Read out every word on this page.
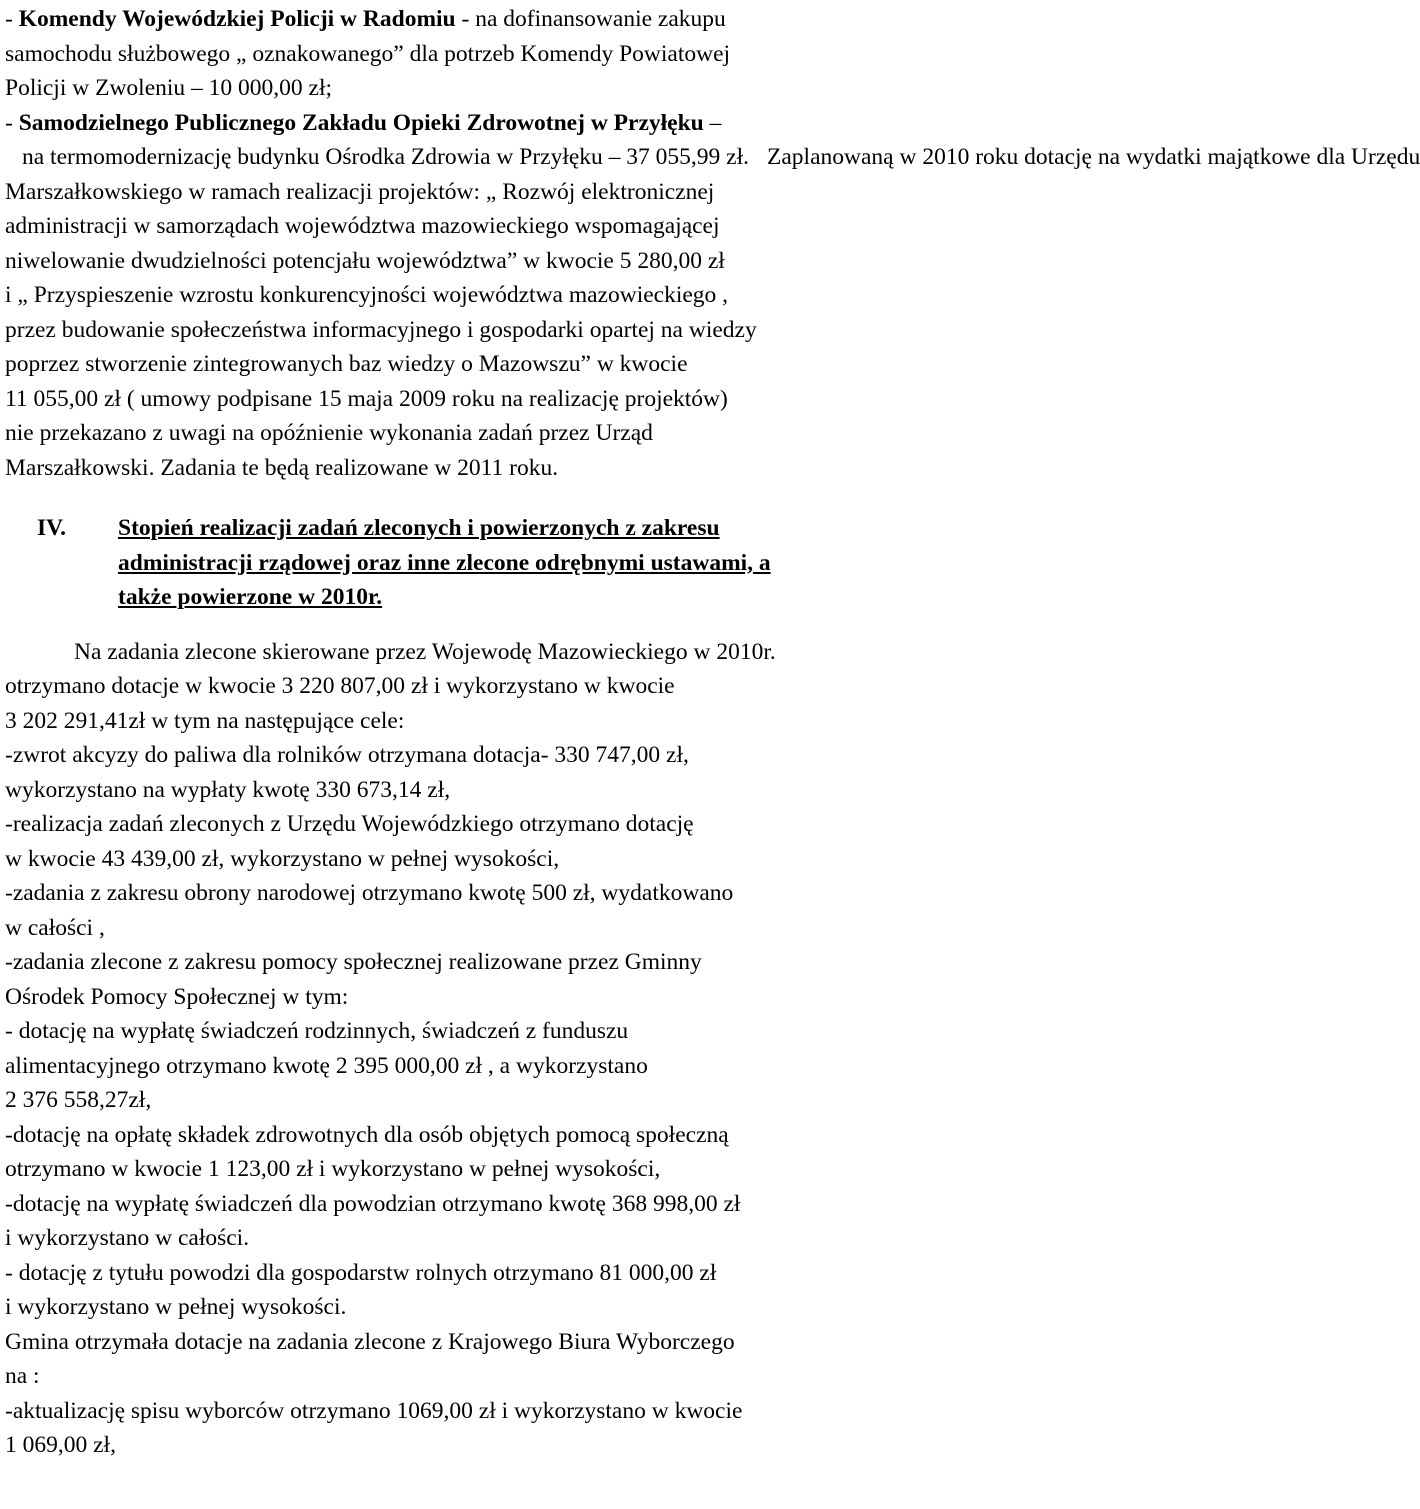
- Komendy Wojewódzkiej Policji w Radomiu - na dofinansowanie zakupu
samochodu służbowego „ oznakowanego” dla potrzeb Komendy Powiatowej
Policji w Zwoleniu – 10 000,00 zł;
- Samodzielnego Publicznego Zakładu Opieki Zdrowotnej w Przyłęku –
na termomodernizację budynku Ośrodka Zdrowia w Przyłęku – 37 055,99 zł. Zaplanowaną w 2010 roku dotację na wydatki majątkowe dla Urzędu
Marszałkowskiego w ramach realizacji projektów: „ Rozwój elektronicznej
administracji w samorządach województwa mazowieckiego wspomagającej
niwelowanie dwudzielności potencjału województwa” w kwocie 5 280,00 zł
i „ Przyspieszenie wzrostu konkurencyjności województwa mazowieckiego ,
przez budowanie społeczeństwa informacyjnego i gospodarki opartej na wiedzy
poprzez stworzenie zintegrowanych baz wiedzy o Mazowszu” w kwocie
11 055,00 zł ( umowy podpisane 15 maja 2009 roku na realizację projektów)
nie przekazano z uwagi na opóźnienie wykonania zadań przez Urząd
Marszałkowski. Zadania te będą realizowane w 2011 roku.
IV.	Stopień realizacji zadań zleconych i powierzonych z zakresu
administracji rządowej oraz inne zlecone odrębnymi ustawami, a
także powierzone w 2010r.
Na zadania zlecone skierowane przez Wojewodę Mazowieckiego w 2010r.
otrzymano dotacje w kwocie 3 220 807,00 zł i wykorzystano w kwocie
3 202 291,41zł w tym na następujące cele:
-zwrot akcyzy do paliwa dla rolników otrzymana dotacja- 330 747,00 zł,
wykorzystano na wypłaty kwotę 330 673,14 zł,
-realizacja zadań zleconych z Urzędu Wojewódzkiego otrzymano dotację
w kwocie 43 439,00 zł, wykorzystano w pełnej wysokości,
-zadania z zakresu obrony narodowej otrzymano kwotę 500 zł, wydatkowano
w całości ,
-zadania zlecone z zakresu pomocy społecznej realizowane przez Gminny
Ośrodek Pomocy Społecznej w tym:
- dotację na wypłatę świadczeń rodzinnych, świadczeń z funduszu
alimentacyjnego otrzymano kwotę 2 395 000,00 zł , a wykorzystano
2 376 558,27zł,
-dotację na opłatę składek zdrowotnych dla osób objętych pomocą społeczną
otrzymano w kwocie 1 123,00 zł i wykorzystano w pełnej wysokości,
-dotację na wypłatę świadczeń dla powodzian otrzymano kwotę 368 998,00 zł
i wykorzystano w całości.
- dotację z tytułu powodzi dla gospodarstw rolnych otrzymano 81 000,00 zł
i wykorzystano w pełnej wysokości.
Gmina otrzymała dotacje na zadania zlecone z Krajowego Biura Wyborczego
na :
-aktualizację spisu wyborców otrzymano 1069,00 zł i wykorzystano w kwocie
1 069,00 zł,
